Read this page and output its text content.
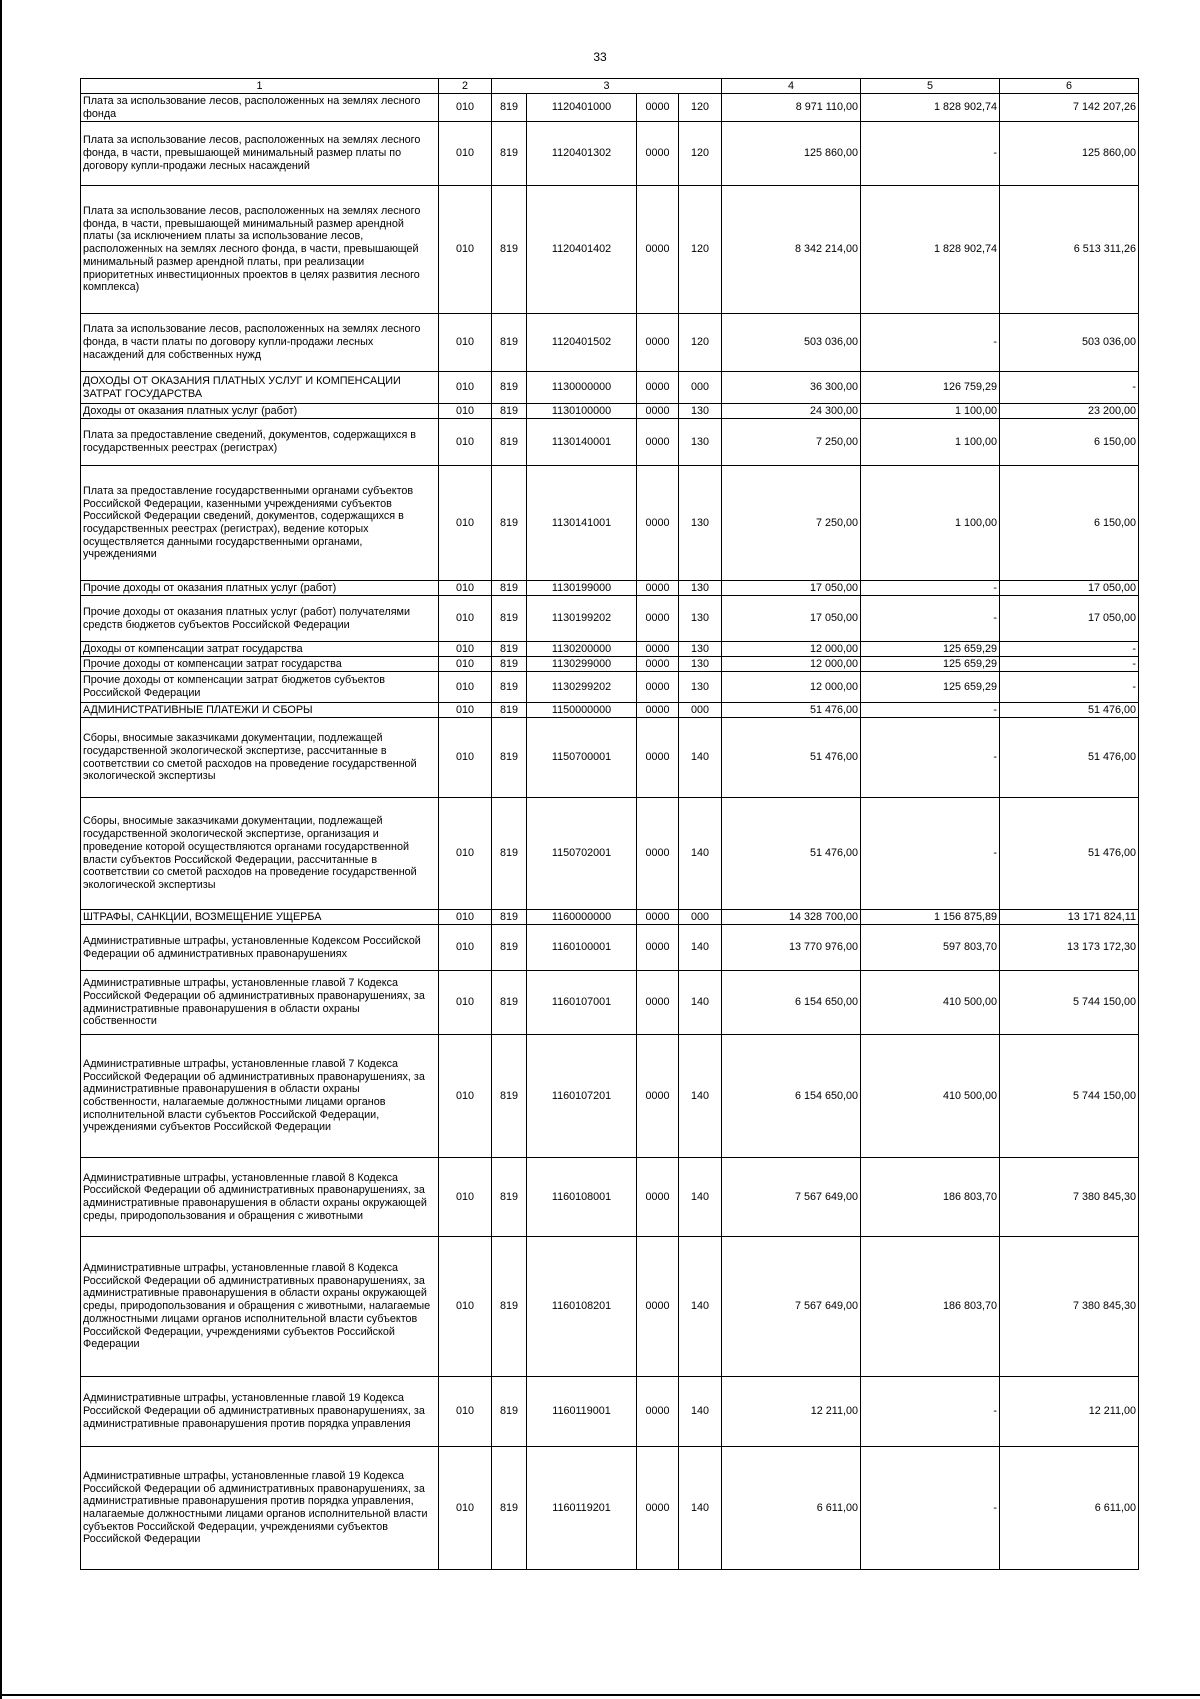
33
1	2	3				4	5	6
Плата за использование лесов, расположенных на землях лесного фонда	010	819	1120401000	0000	120	8 971 110,00	1 828 902,74	7 142 207,26
Плата за использование лесов, расположенных на землях лесного фонда, в части, превышающей минимальный размер платы по договору купли-продажи лесных насаждений	010	819	1120401302	0000	120	125 860,00	-	125 860,00
Плата за использование лесов, расположенных на землях лесного фонда, в части, превышающей минимальный размер арендной платы (за исключением платы за использование лесов, расположенных на землях лесного фонда, в части, превышающей минимальный размер арендной платы, при реализации приоритетных инвестиционных проектов в целях развития лесного комплекса)	010	819	1120401402	0000	120	8 342 214,00	1 828 902,74	6 513 311,26
Плата за использование лесов, расположенных на землях лесного фонда, в части платы по договору купли-продажи лесных насаждений для собственных нужд	010	819	1120401502	0000	120	503 036,00	-	503 036,00
ДОХОДЫ ОТ ОКАЗАНИЯ ПЛАТНЫХ УСЛУГ И КОМПЕНСАЦИИ ЗАТРАТ ГОСУДАРСТВА	010	819	1130000000	0000	000	36 300,00	126 759,29	-
Доходы от оказания платных услуг (работ)	010	819	1130100000	0000	130	24 300,00	1 100,00	23 200,00
Плата за предоставление сведений, документов, содержащихся в государственных реестрах (регистрах)	010	819	1130140001	0000	130	7 250,00	1 100,00	6 150,00
Плата за предоставление государственными органами субъектов Российской Федерации, казенными учреждениями субъектов Российской Федерации сведений, документов, содержащихся в государственных реестрах (регистрах), ведение которых осуществляется данными государственными органами, учреждениями	010	819	1130141001	0000	130	7 250,00	1 100,00	6 150,00
Прочие доходы от оказания платных услуг (работ)	010	819	1130199000	0000	130	17 050,00	-	17 050,00
Прочие доходы от оказания платных услуг (работ) получателями средств бюджетов субъектов Российской Федерации	010	819	1130199202	0000	130	17 050,00	-	17 050,00
Доходы от компенсации затрат государства	010	819	1130200000	0000	130	12 000,00	125 659,29	-
Прочие доходы от компенсации затрат государства	010	819	1130299000	0000	130	12 000,00	125 659,29	-
Прочие доходы от компенсации затрат бюджетов субъектов Российской Федерации	010	819	1130299202	0000	130	12 000,00	125 659,29	-
АДМИНИСТРАТИВНЫЕ ПЛАТЕЖИ И СБОРЫ	010	819	1150000000	0000	000	51 476,00	-	51 476,00
Сборы, вносимые заказчиками документации, подлежащей государственной экологической экспертизе, рассчитанные в соответствии со сметой расходов на проведение государственной экологической экспертизы	010	819	1150700001	0000	140	51 476,00	-	51 476,00
Сборы, вносимые заказчиками документации, подлежащей государственной экологической экспертизе, организация и проведение которой осуществляются органами государственной власти субъектов Российской Федерации, рассчитанные в соответствии со сметой расходов на проведение государственной экологической экспертизы	010	819	1150702001	0000	140	51 476,00	-	51 476,00
ШТРАФЫ, САНКЦИИ, ВОЗМЕЩЕНИЕ УЩЕРБА	010	819	1160000000	0000	000	14 328 700,00	1 156 875,89	13 171 824,11
Административные штрафы, установленные Кодексом Российской Федерации об административных правонарушениях	010	819	1160100001	0000	140	13 770 976,00	597 803,70	13 173 172,30
Административные штрафы, установленные главой 7 Кодекса Российской Федерации об административных правонарушениях, за административные правонарушения в области охраны собственности	010	819	1160107001	0000	140	6 154 650,00	410 500,00	5 744 150,00
Административные штрафы, установленные главой 7 Кодекса Российской Федерации об административных правонарушениях, за административные правонарушения в области охраны собственности, налагаемые должностными лицами органов исполнительной власти субъектов Российской Федерации, учреждениями субъектов Российской Федерации	010	819	1160107201	0000	140	6 154 650,00	410 500,00	5 744 150,00
Административные штрафы, установленные главой 8 Кодекса Российской Федерации об административных правонарушениях, за административные правонарушения в области охраны окружающей среды, природопользования и обращения с животными	010	819	1160108001	0000	140	7 567 649,00	186 803,70	7 380 845,30
Административные штрафы, установленные главой 8 Кодекса Российской Федерации об административных правонарушениях, за административные правонарушения в области охраны окружающей среды, природопользования и обращения с животными, налагаемые должностными лицами органов исполнительной власти субъектов Российской Федерации, учреждениями субъектов Российской Федерации	010	819	1160108201	0000	140	7 567 649,00	186 803,70	7 380 845,30
Административные штрафы, установленные главой 19 Кодекса Российской Федерации об административных правонарушениях, за административные правонарушения против порядка управления	010	819	1160119001	0000	140	12 211,00	-	12 211,00
Административные штрафы, установленные главой 19 Кодекса Российской Федерации об административных правонарушениях, за административные правонарушения против порядка управления, налагаемые должностными лицами органов исполнительной власти субъектов Российской Федерации, учреждениями субъектов Российской Федерации	010	819	1160119201	0000	140	6 611,00	-	6 611,00
